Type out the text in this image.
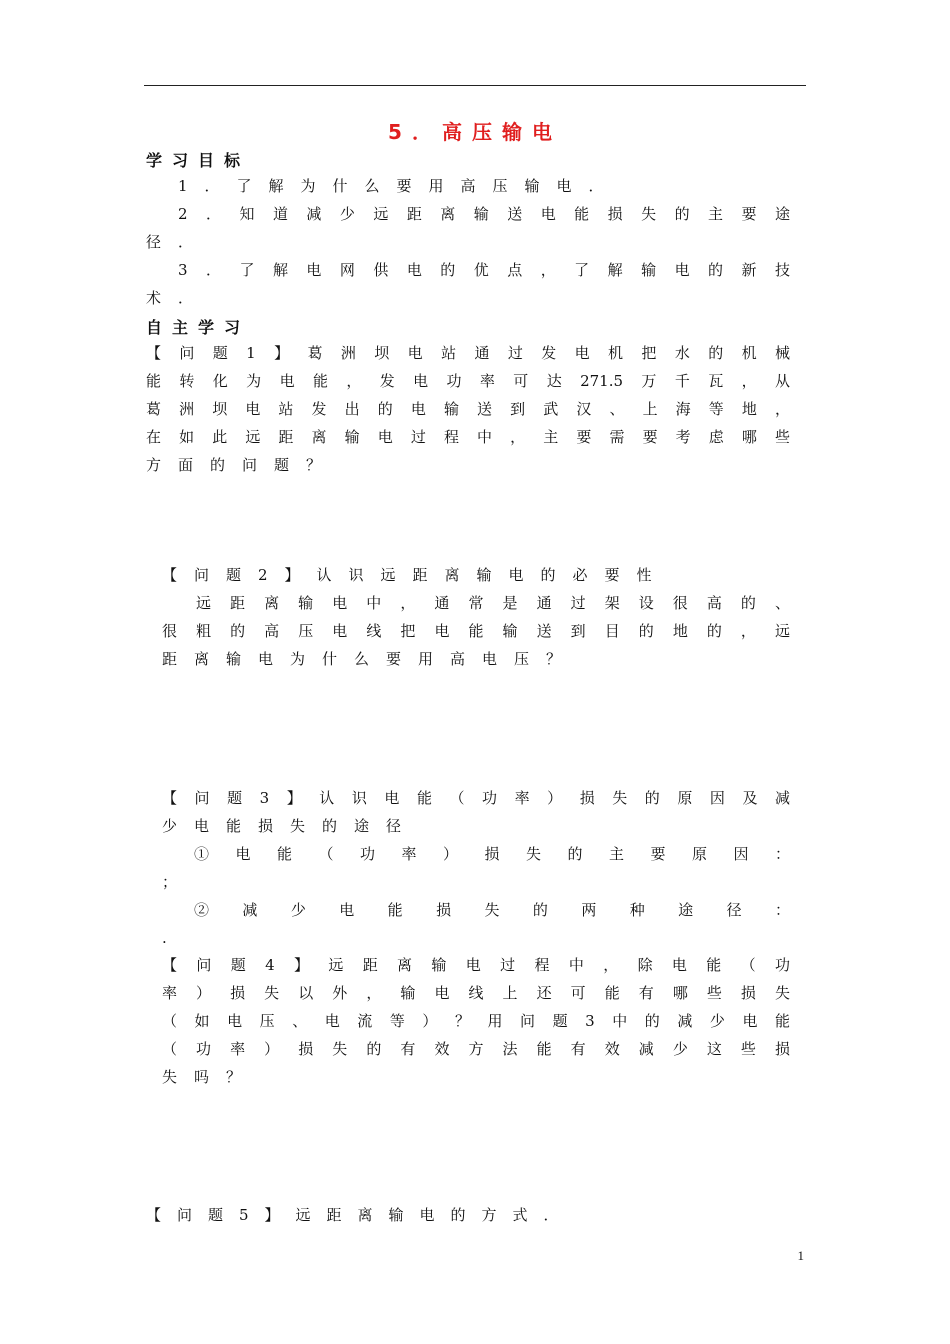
5．高压输电
学习目标
1．了解为什么要用高压输电．
2．知道减少远距离输送电能损失的主要途
径．
3．了解电网供电的优点，了解输电的新技
术．
自主学习
【问题1】葛洲坝电站通过发电机把水的机械
能转化为电能，发电功率可达271.5万千瓦，从
葛洲坝电站发出的电输送到武汉、上海等地，
在如此远距离输电过程中，主要需要考虑哪些
方面的问题？
【问题2】认识远距离输电的必要性
远距离输电中，通常是通过架设很高的、
很粗的高压电线把电能输送到目的地的，远
距离输电为什么要用高电压？
【问题3】认识电能（功率）损失的原因及减
少电能损失的途径
①电能（功率）损失的主要原因：
；
②减少电能损失的两种途径：
.
【问题4】远距离输电过程中，除电能（功
率）损失以外，输电线上还可能有哪些损失
（如电压、电流等）？用问题3中的减少电能
（功率）损失的有效方法能有效减少这些损
失吗？
【问题5】远距离输电的方式．
1
